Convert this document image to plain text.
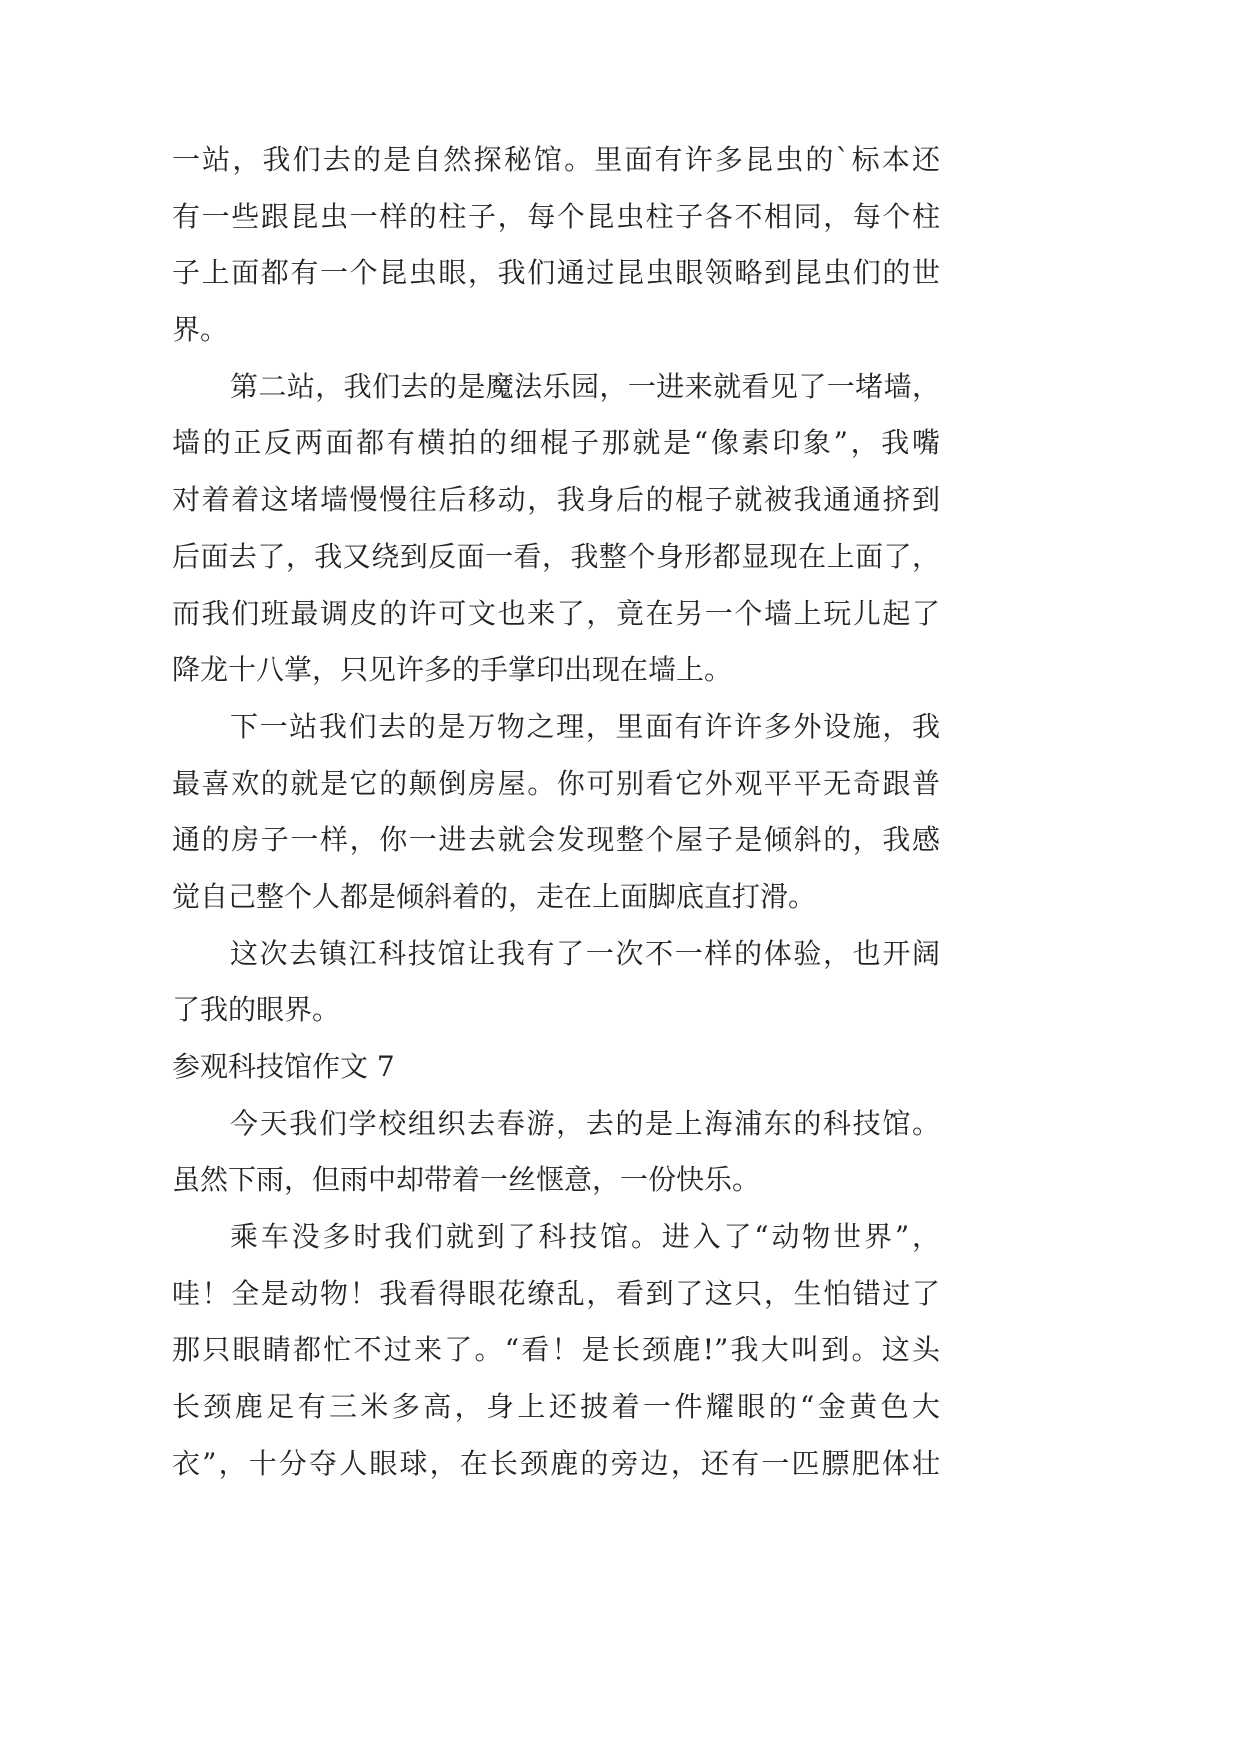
一站，我们去的是自然探秘馆。里面有许多昆虫的`标本还
有一些跟昆虫一样的柱子，每个昆虫柱子各不相同，每个柱
子上面都有一个昆虫眼，我们通过昆虫眼领略到昆虫们的世
界。
第二站，我们去的是魔法乐园，一进来就看见了一堵墙，
墙的正反两面都有横拍的细棍子那就是“像素印象”，我嘴
对着着这堵墙慢慢往后移动，我身后的棍子就被我通通挤到
后面去了，我又绕到反面一看，我整个身形都显现在上面了，
而我们班最调皮的许可文也来了，竟在另一个墙上玩儿起了
降龙十八掌，只见许多的手掌印出现在墙上。
下一站我们去的是万物之理，里面有许许多外设施，我
最喜欢的就是它的颠倒房屋。你可别看它外观平平无奇跟普
通的房子一样，你一进去就会发现整个屋子是倾斜的，我感
觉自己整个人都是倾斜着的，走在上面脚底直打滑。
这次去镇江科技馆让我有了一次不一样的体验，也开阔
了我的眼界。
参观科技馆作文 7
今天我们学校组织去春游，去的是上海浦东的科技馆。
虽然下雨，但雨中却带着一丝惬意，一份快乐。
乘车没多时我们就到了科技馆。进入了“动物世界”，
哇！全是动物！我看得眼花缭乱，看到了这只，生怕错过了
那只眼睛都忙不过来了。“看！是长颈鹿!”我大叫到。这头
长颈鹿足有三米多高，身上还披着一件耀眼的“金黄色大
衣”，十分夺人眼球，在长颈鹿的旁边，还有一匹膘肥体壮
